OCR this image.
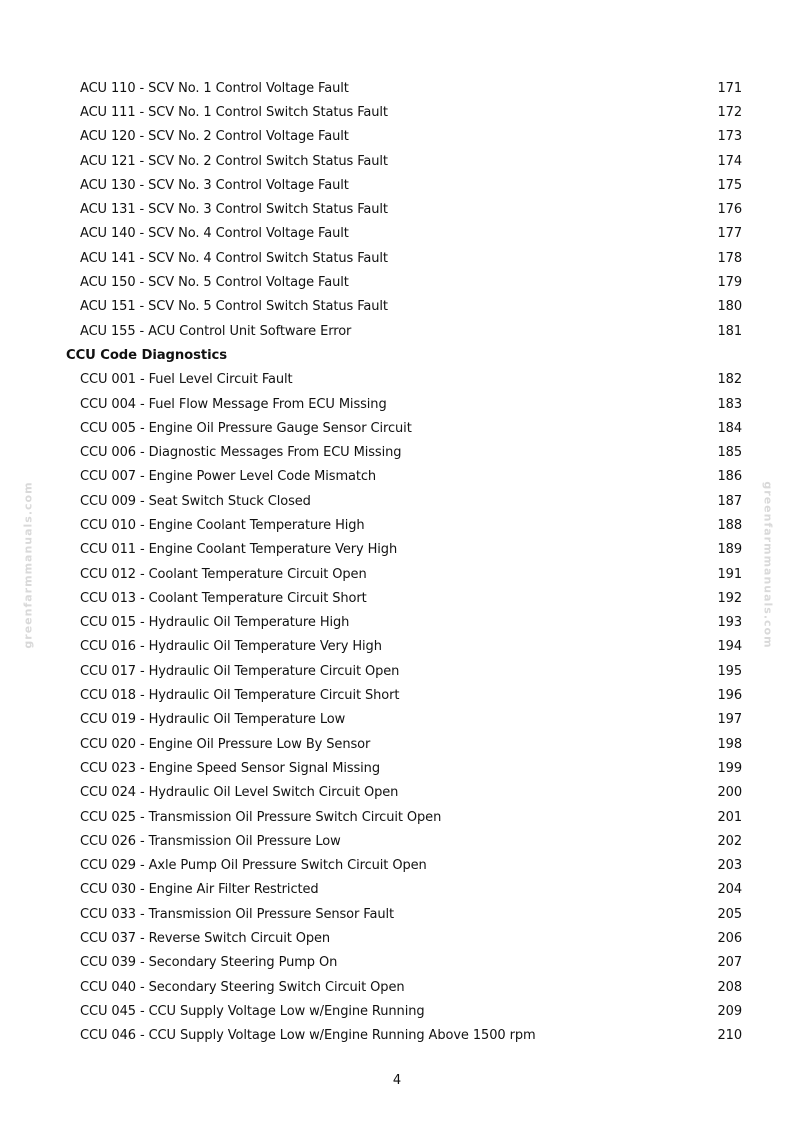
greenfarmmanuals.com	greenfarmmanuals.com
ACU 110 - SCV No. 1 Control Voltage Fault	171
ACU 111 - SCV No. 1 Control Switch Status Fault	172
ACU 120 - SCV No. 2 Control Voltage Fault	173
ACU 121 - SCV No. 2 Control Switch Status Fault	174
ACU 130 - SCV No. 3 Control Voltage Fault	175
ACU 131 - SCV No. 3 Control Switch Status Fault	176
ACU 140 - SCV No. 4 Control Voltage Fault	177
ACU 141 - SCV No. 4 Control Switch Status Fault	178
ACU 150 - SCV No. 5 Control Voltage Fault	179
ACU 151 - SCV No. 5 Control Switch Status Fault	180
ACU 155 - ACU Control Unit Software Error	181
CCU Code Diagnostics
CCU 001 - Fuel Level Circuit Fault	182
CCU 004 - Fuel Flow Message From ECU Missing	183
CCU 005 - Engine Oil Pressure Gauge Sensor Circuit	184
CCU 006 - Diagnostic Messages From ECU Missing	185
CCU 007 - Engine Power Level Code Mismatch	186
CCU 009 - Seat Switch Stuck Closed	187
CCU 010 - Engine Coolant Temperature High	188
CCU 011 - Engine Coolant Temperature Very High	189
CCU 012 - Coolant Temperature Circuit Open	191
CCU 013 - Coolant Temperature Circuit Short	192
CCU 015 - Hydraulic Oil Temperature High	193
CCU 016 - Hydraulic Oil Temperature Very High	194
CCU 017 - Hydraulic Oil Temperature Circuit Open	195
CCU 018 - Hydraulic Oil Temperature Circuit Short	196
CCU 019 - Hydraulic Oil Temperature Low	197
CCU 020 - Engine Oil Pressure Low By Sensor	198
CCU 023 - Engine Speed Sensor Signal Missing	199
CCU 024 - Hydraulic Oil Level Switch Circuit Open	200
CCU 025 - Transmission Oil Pressure Switch Circuit Open	201
CCU 026 - Transmission Oil Pressure Low	202
CCU 029 - Axle Pump Oil Pressure Switch Circuit Open	203
CCU 030 - Engine Air Filter Restricted	204
CCU 033 - Transmission Oil Pressure Sensor Fault	205
CCU 037 - Reverse Switch Circuit Open	206
CCU 039 - Secondary Steering Pump On	207
CCU 040 - Secondary Steering Switch Circuit Open	208
CCU 045 - CCU Supply Voltage Low w/Engine Running	209
CCU 046 - CCU Supply Voltage Low w/Engine Running Above 1500 rpm	210
4
